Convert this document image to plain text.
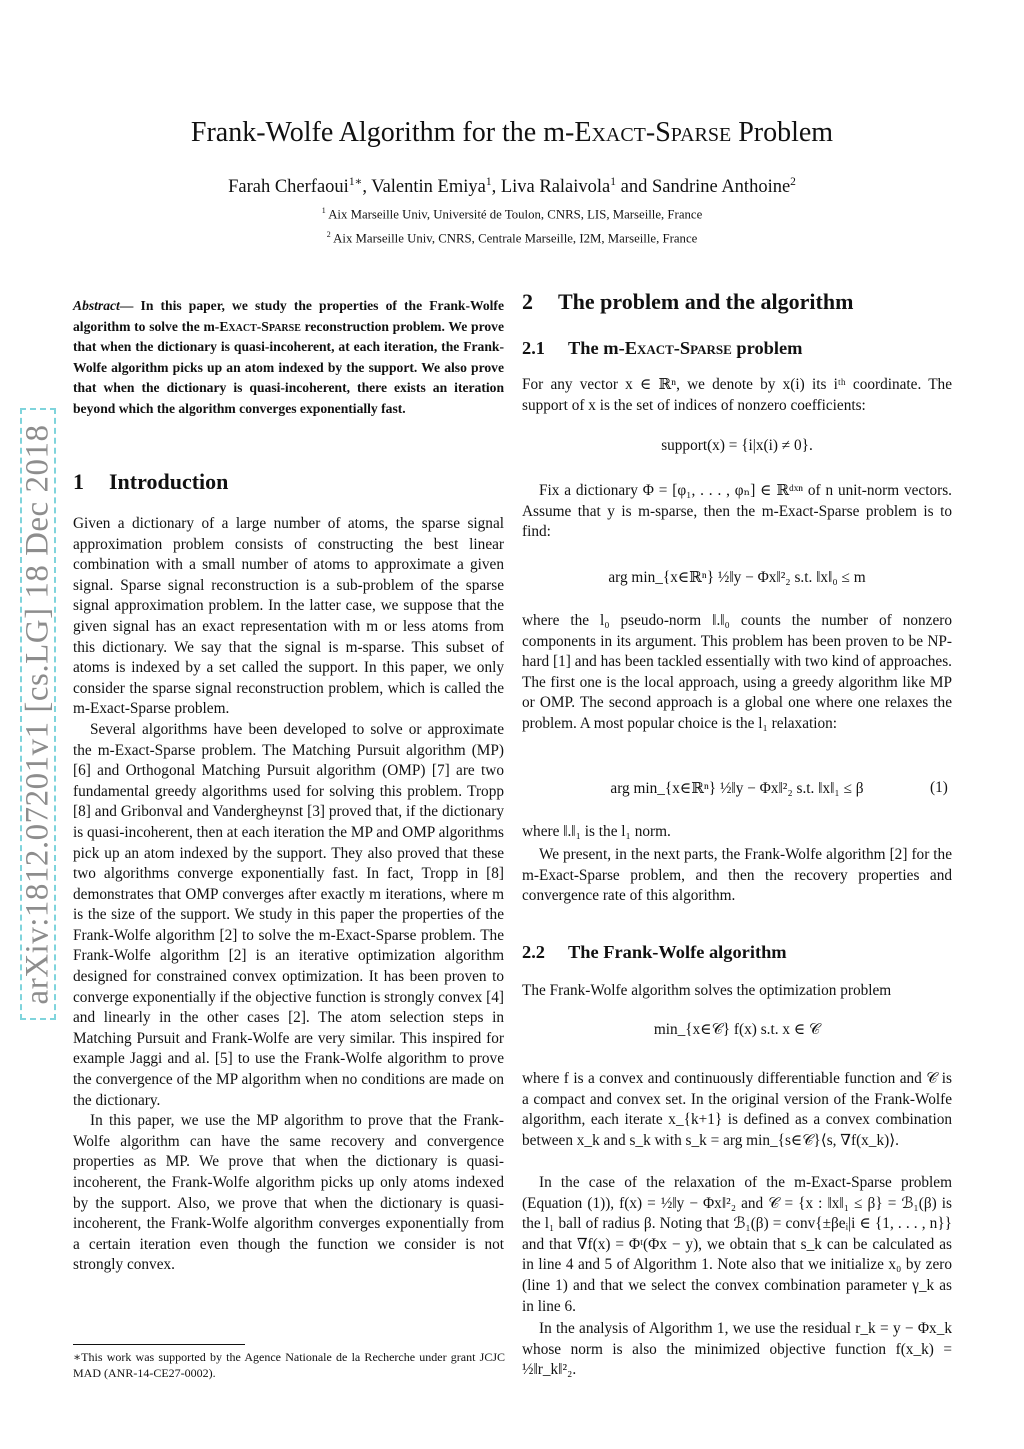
arXiv:1812.07201v1 [cs.LG] 18 Dec 2018
Frank-Wolfe Algorithm for the m-Exact-Sparse Problem
Farah Cherfaoui$^{1∗}$, Valentin Emiya$^1$, Liva Ralaivola$^1$ and Sandrine Anthoine$^2$
$^1$ Aix Marseille Univ, Université de Toulon, CNRS, LIS, Marseille, France
$^2$ Aix Marseille Univ, CNRS, Centrale Marseille, I2M, Marseille, France
Abstract— In this paper, we study the properties of the Frank-Wolfe algorithm to solve the m-Exact-Sparse reconstruction problem. We prove that when the dictionary is quasi-incoherent, at each iteration, the Frank-Wolfe algorithm picks up an atom indexed by the support. We also prove that when the dictionary is quasi-incoherent, there exists an iteration beyond which the algorithm converges exponentially fast.
1 Introduction

Given a dictionary of a large number of atoms, the sparse signal approximation problem consists of constructing the best linear combination with a small number of atoms to approximate a given signal. Sparse signal reconstruction is a sub-problem of the sparse signal approximation problem. In the latter case, we suppose that the given signal has an exact representation with m or less atoms from this dictionary. We say that the signal is m-sparse. This subset of atoms is indexed by a set called the support. In this paper, we only consider the sparse signal reconstruction problem, which is called the m-Exact-Sparse problem.

Several algorithms have been developed to solve or approximate the m-Exact-Sparse problem. The Matching Pursuit algorithm (MP) [6] and Orthogonal Matching Pursuit algorithm (OMP) [7] are two fundamental greedy algorithms used for solving this problem. Tropp [8] and Gribonval and Vandergheynst [3] proved that, if the dictionary is quasi-incoherent, then at each iteration the MP and OMP algorithms pick up an atom indexed by the support. They also proved that these two algorithms converge exponentially fast. In fact, Tropp in [8] demonstrates that OMP converges after exactly m iterations, where m is the size of the support. We study in this paper the properties of the Frank-Wolfe algorithm [2] to solve the m-Exact-Sparse problem. The Frank-Wolfe algorithm [2] is an iterative optimization algorithm designed for constrained convex optimization. It has been proven to converge exponentially if the objective function is strongly convex [4] and linearly in the other cases [2]. The atom selection steps in Matching Pursuit and Frank-Wolfe are very similar. This inspired for example Jaggi and al. [5] to use the Frank-Wolfe algorithm to prove the convergence of the MP algorithm when no conditions are made on the dictionary.

In this paper, we use the MP algorithm to prove that the Frank-Wolfe algorithm can have the same recovery and convergence properties as MP. We prove that when the dictionary is quasi-incoherent, the Frank-Wolfe algorithm picks up only atoms indexed by the support. Also, we prove that when the dictionary is quasi-incoherent, the Frank-Wolfe algorithm converges exponentially from a certain iteration even though the function we consider is not strongly convex.

∗This work was supported by the Agence Nationale de la Recherche under grant JCJC MAD (ANR-14-CE27-0002).
2 The problem and the algorithm
2.1 The m-Exact-Sparse problem
For any vector x ∈ ℝⁿ, we denote by x(i) its iᵗʰ coordinate. The support of x is the set of indices of nonzero coefficients:
support(x) = {i|x(i) ≠ 0}.
Fix a dictionary Φ = [φ₁, . . . , φₙ] ∈ ℝᵈˣⁿ of n unit-norm vectors. Assume that y is m-sparse, then the m-Exact-Sparse problem is to find:
arg min_{x∈ℝⁿ} ½‖y − Φx‖²₂ s.t. ‖x‖₀ ≤ m
where the l₀ pseudo-norm ‖.‖₀ counts the number of nonzero components in its argument. This problem has been proven to be NP-hard [1] and has been tackled essentially with two kind of approaches. The first one is the local approach, using a greedy algorithm like MP or OMP. The second approach is a global one where one relaxes the problem. A most popular choice is the l₁ relaxation:
arg min_{x∈ℝⁿ} ½‖y − Φx‖²₂ s.t. ‖x‖₁ ≤ β	(1)
where ‖.‖₁ is the l₁ norm.
We present, in the next parts, the Frank-Wolfe algorithm [2] for the m-Exact-Sparse problem, and then the recovery properties and convergence rate of this algorithm.
2.2 The Frank-Wolfe algorithm
The Frank-Wolfe algorithm solves the optimization problem
min_{x∈𝒞} f(x) s.t. x ∈ 𝒞
where f is a convex and continuously differentiable function and 𝒞 is a compact and convex set. In the original version of the Frank-Wolfe algorithm, each iterate x_{k+1} is defined as a convex combination between x_k and s_k with s_k = arg min_{s∈𝒞}⟨s, ∇f(x_k)⟩.
In the case of the relaxation of the m-Exact-Sparse problem (Equation (1)), f(x) = ½‖y − Φx‖²₂ and 𝒞 = {x : ‖x‖₁ ≤ β} = ℬ₁(β) is the l₁ ball of radius β. Noting that ℬ₁(β) = conv{±βeᵢ|i ∈ {1, . . . , n}} and that ∇f(x) = Φᵗ(Φx − y), we obtain that s_k can be calculated as in line 4 and 5 of Algorithm 1. Note also that we initialize x₀ by zero (line 1) and that we select the convex combination parameter γ_k as in line 6.
In the analysis of Algorithm 1, we use the residual r_k = y − Φx_k whose norm is also the minimized objective function f(x_k) = ½‖r_k‖²₂.
